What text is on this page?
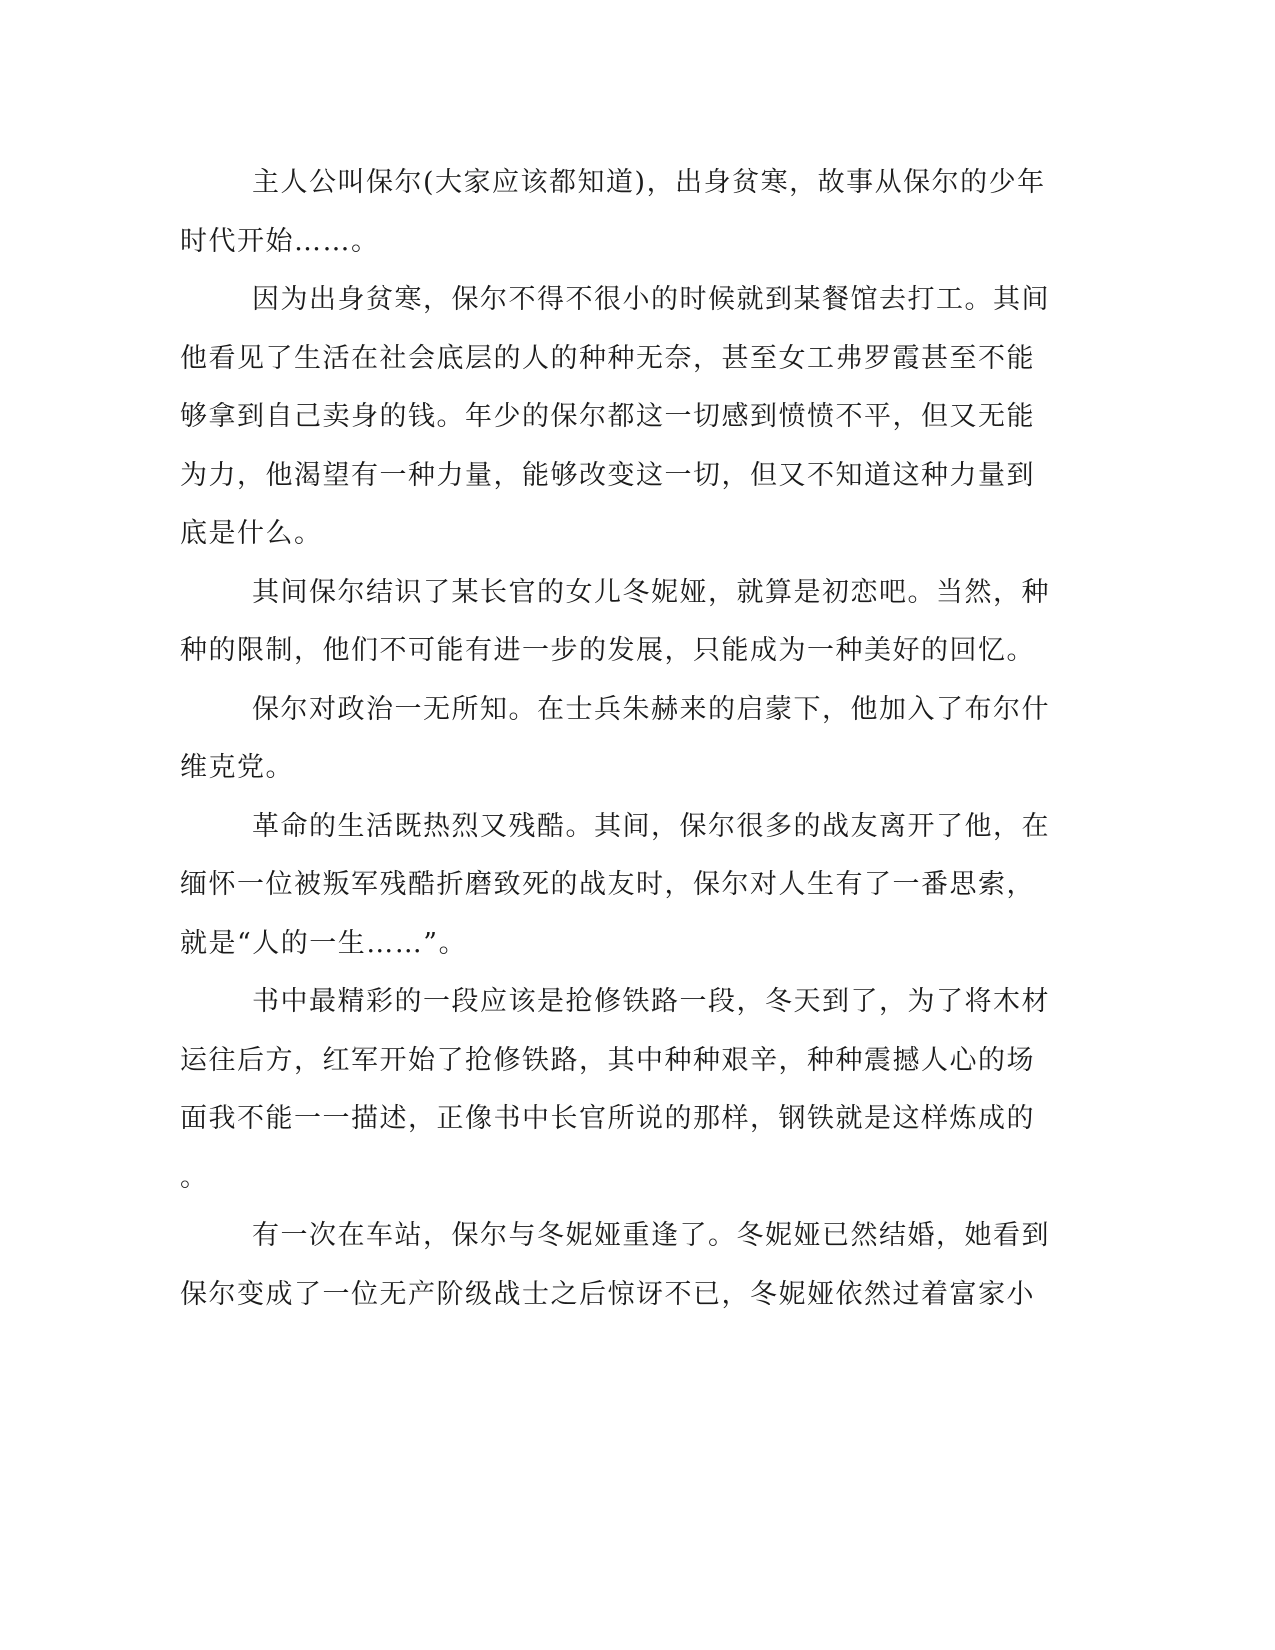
主人公叫保尔(大家应该都知道)，出身贫寒，故事从保尔的少年
时代开始……。
因为出身贫寒，保尔不得不很小的时候就到某餐馆去打工。其间
他看见了生活在社会底层的人的种种无奈，甚至女工弗罗霞甚至不能
够拿到自己卖身的钱。年少的保尔都这一切感到愤愤不平，但又无能
为力，他渴望有一种力量，能够改变这一切，但又不知道这种力量到
底是什么。
其间保尔结识了某长官的女儿冬妮娅，就算是初恋吧。当然，种
种的限制，他们不可能有进一步的发展，只能成为一种美好的回忆。
保尔对政治一无所知。在士兵朱赫来的启蒙下，他加入了布尔什
维克党。
革命的生活既热烈又残酷。其间，保尔很多的战友离开了他，在
缅怀一位被叛军残酷折磨致死的战友时，保尔对人生有了一番思索，
就是“人的一生……”。
书中最精彩的一段应该是抢修铁路一段，冬天到了，为了将木材
运往后方，红军开始了抢修铁路，其中种种艰辛，种种震撼人心的场
面我不能一一描述，正像书中长官所说的那样，钢铁就是这样炼成的
。
有一次在车站，保尔与冬妮娅重逢了。冬妮娅已然结婚，她看到
保尔变成了一位无产阶级战士之后惊讶不已，冬妮娅依然过着富家小
